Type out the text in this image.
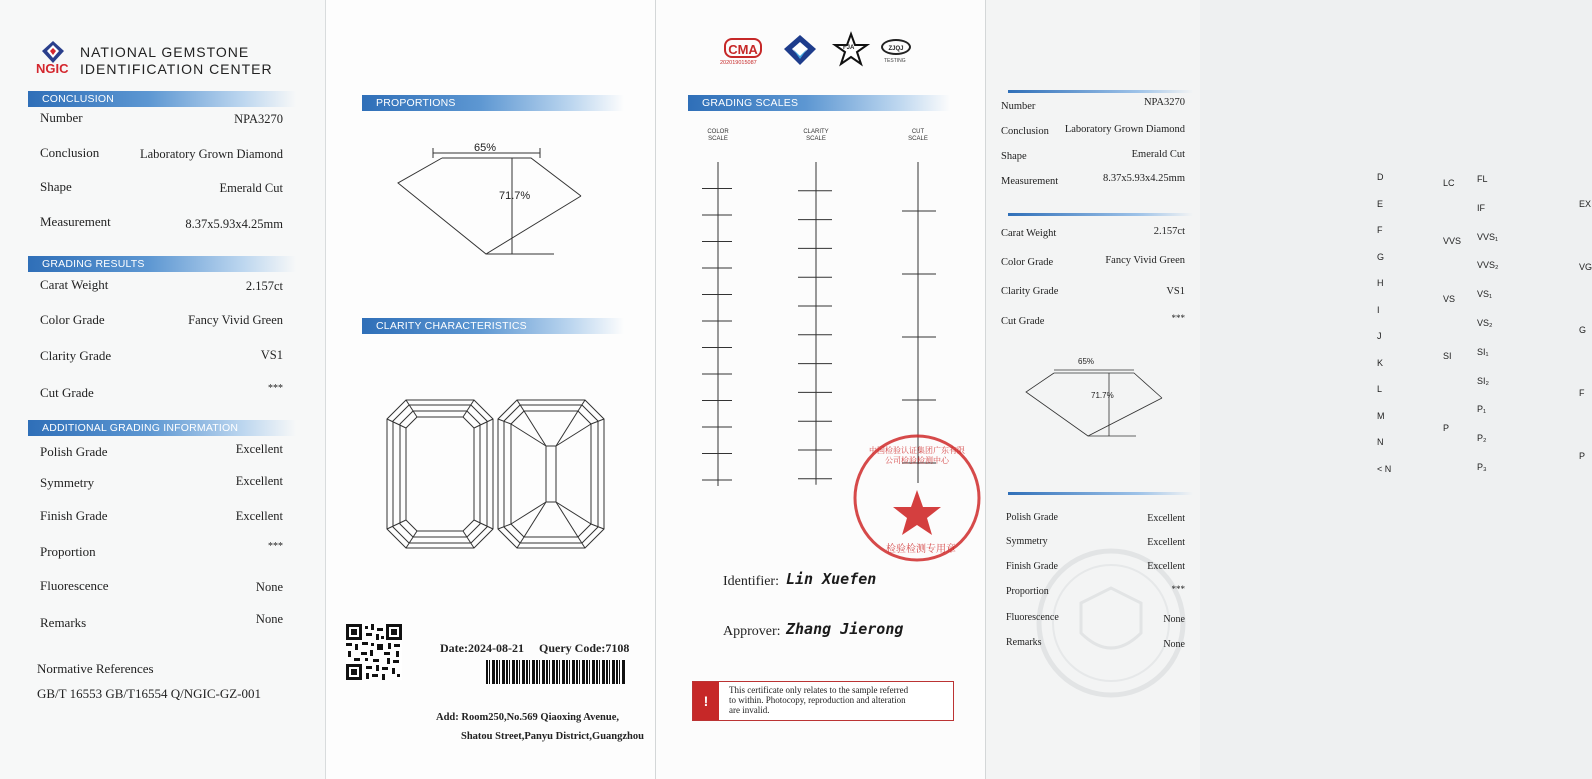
NGIC
NATIONAL GEMSTONE
IDENTIFICATION CENTER
CONCLUSION
Number	NPA3270
Conclusion	Laboratory Grown Diamond
Shape	Emerald Cut
Measurement	8.37x5.93x4.25mm
GRADING RESULTS
Carat Weight	2.157ct
Color Grade	Fancy Vivid Green
Clarity Grade	VS1
Cut Grade	***
ADDITIONAL GRADING INFORMATION
Polish Grade	Excellent
Symmetry	Excellent
Finish Grade	Excellent
Proportion	***
Fluorescence	None
Remarks	None
Normative References
GB/T 16553 GB/T16554 Q/NGIC-GZ-001
PROPORTIONS
65%
71.7%
CLARITY CHARACTERISTICS
Date:2024-08-21 Query Code:7108
Add: Room250,No.569 Qiaoxing Avenue,
Shatou Street,Panyu District,Guangzhou
CMA
202019015087
FJA	ZJQJ
TESTING
GRADING SCALES
COLOR
SCALE
CLARITY
SCALE
CUT
SCALE
D
E
F
G
H
I
J
K
L
M
N
< N
FL
IF
VVS₁
VVS₂
VS₁
VS₂
SI₁
SI₂
P₁
P₂
P₃
LC
VVS
VS
SI
P
EX
VG
G
F
P
中国检验认证集团广东有限公司检验检测中心
检验检测专用章
Identifier: Lin Xuefen
Approver: Zhang Jierong
!
This certificate only relates to the sample referred
to within. Photocopy, reproduction and alteration
are invalid.
Number	NPA3270
Conclusion Laboratory Grown Diamond
Shape	Emerald Cut
Measurement	8.37x5.93x4.25mm
Carat Weight	2.157ct
Color Grade	Fancy Vivid Green
Clarity Grade	VS1
Cut Grade	***
65%
71.7%
Polish Grade	Excellent
Symmetry	Excellent
Finish Grade	Excellent
Proportion	***
Fluorescence	None
Remarks	None
